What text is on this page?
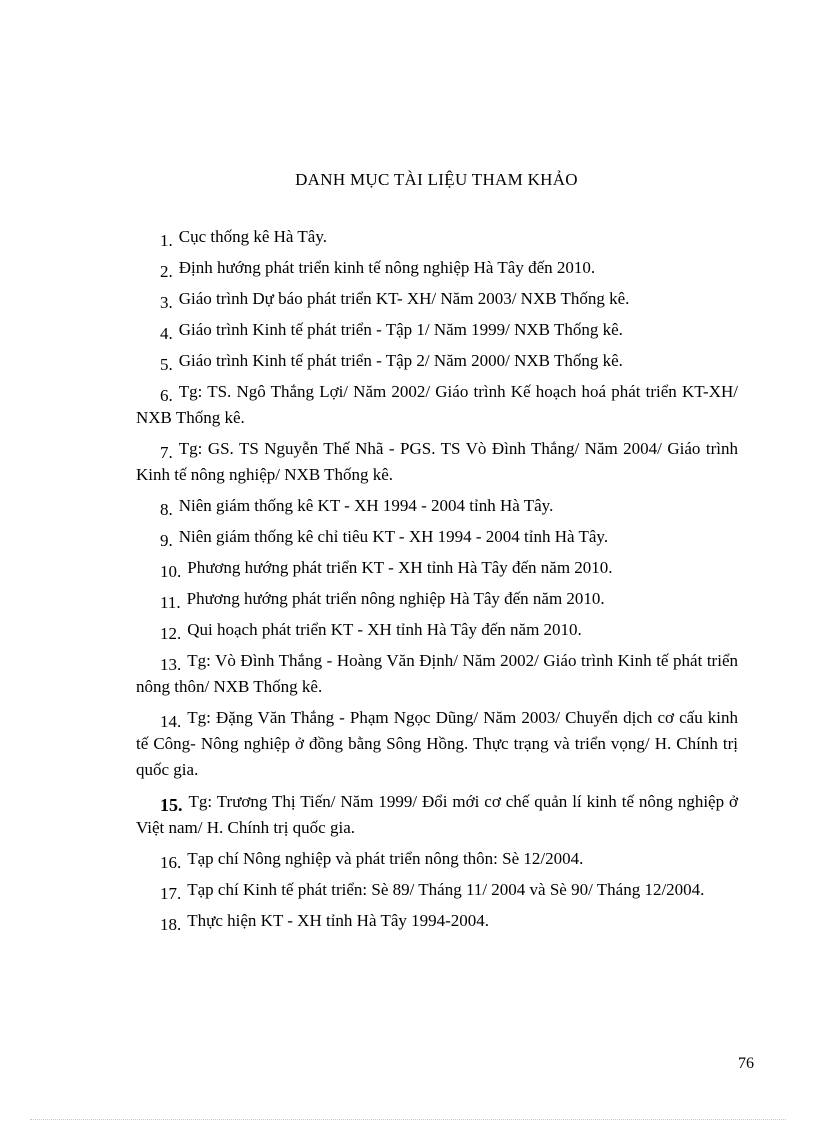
DANH MỤC TÀI LIỆU THAM KHẢO
1. Cục thống kê Hà Tây.
2. Định hướng phát triển kinh tế nông nghiệp Hà Tây đến 2010.
3. Giáo trình Dự báo phát triển KT- XH/ Năm 2003/ NXB Thống kê.
4. Giáo trình Kinh tế phát triển - Tập 1/ Năm 1999/ NXB Thống kê.
5. Giáo trình Kinh tế phát triển - Tập 2/ Năm 2000/ NXB Thống kê.
6. Tg: TS. Ngô Thắng Lợi/ Năm 2002/ Giáo trình Kế hoạch hoá phát triển KT-XH/ NXB Thống kê.
7. Tg: GS. TS Nguyễn Thế Nhã - PGS. TS Vò Đình Thắng/ Năm 2004/ Giáo trình Kinh tế nông nghiệp/ NXB Thống kê.
8. Niên giám thống kê KT - XH 1994 - 2004 tỉnh Hà Tây.
9. Niên giám thống kê chỉ tiêu KT - XH 1994 - 2004 tỉnh Hà Tây.
10. Phương hướng phát triển KT - XH tỉnh Hà Tây đến năm 2010.
11. Phương hướng phát triển nông nghiệp Hà Tây đến năm 2010.
12. Qui hoạch phát triển KT - XH tỉnh Hà Tây đến năm 2010.
13. Tg: Vò Đình Thắng - Hoàng Văn Định/ Năm 2002/ Giáo trình Kinh tế phát triển nông thôn/ NXB Thống kê.
14. Tg: Đặng Văn Thắng - Phạm Ngọc Dũng/ Năm 2003/ Chuyển dịch cơ cấu kinh tế Công- Nông nghiệp ở đồng bằng Sông Hồng. Thực trạng và triển vọng/ H. Chính trị quốc gia.
15. Tg: Trương Thị Tiến/ Năm 1999/ Đổi mới cơ chế quản lí kinh tế nông nghiệp ở Việt nam/ H. Chính trị quốc gia.
16. Tạp chí Nông nghiệp và phát triển nông thôn: Sè 12/2004.
17. Tạp chí Kinh tế phát triển: Sè 89/ Tháng 11/ 2004 và Sè 90/ Tháng 12/2004.
18. Thực hiện KT - XH tỉnh Hà Tây 1994-2004.
76
